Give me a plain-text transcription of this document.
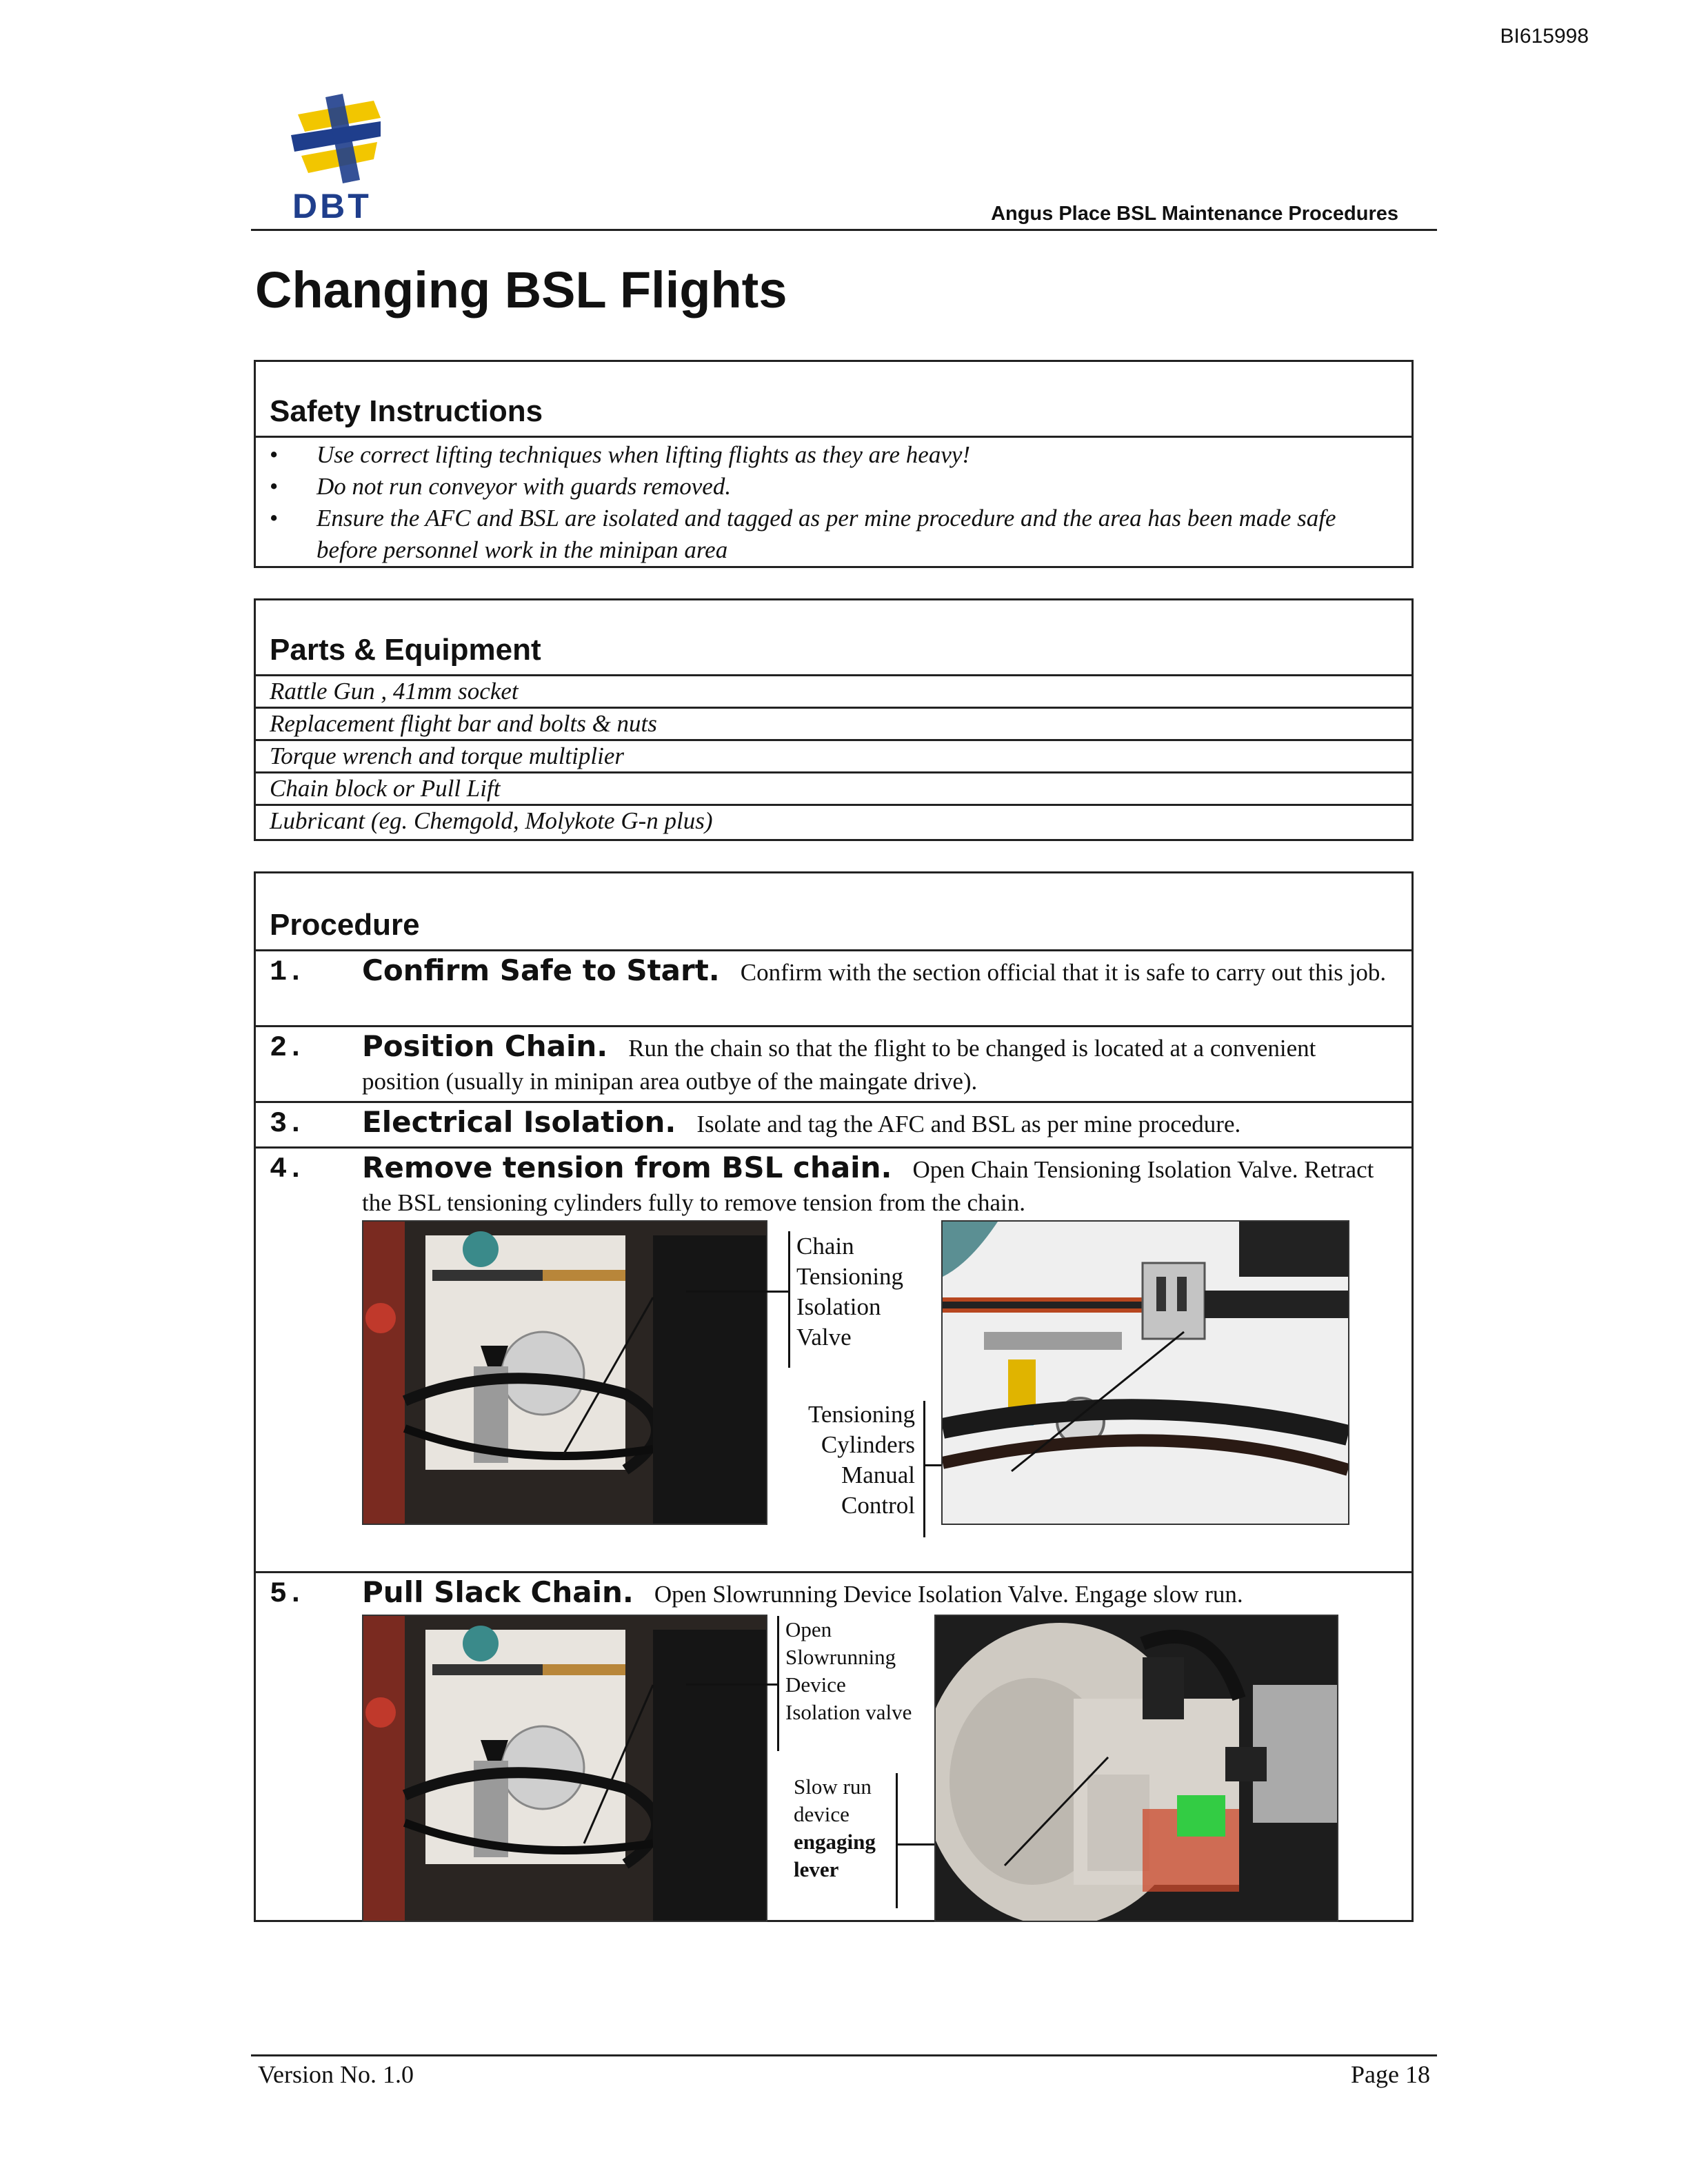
BI615998
DBT	Angus Place BSL Maintenance Procedures
Changing BSL Flights
Safety Instructions
• Use correct lifting techniques when lifting flights as they are heavy!
• Do not run conveyor with guards removed.
• Ensure the AFC and BSL are isolated and tagged as per mine procedure and the area has been made safe before personnel work in the minipan area
Parts & Equipment
Rattle Gun , 41mm socket
Replacement flight bar and bolts & nuts
Torque wrench and torque multiplier
Chain block or Pull Lift
Lubricant (eg. Chemgold, Molykote G-n plus)
Procedure
1. Confirm Safe to Start. Confirm with the section official that it is safe to carry out this job.
2. Position Chain. Run the chain so that the flight to be changed is located at a convenient position (usually in minipan area outbye of the maingate drive).
3. Electrical Isolation. Isolate and tag the AFC and BSL as per mine procedure.
4. Remove tension from BSL chain. Open Chain Tensioning Isolation Valve. Retract the BSL tensioning cylinders fully to remove tension from the chain.
Chain
Tensioning
Isolation
Valve
Tensioning
Cylinders
Manual
Control
5. Pull Slack Chain. Open Slowrunning Device Isolation Valve. Engage slow run.
Open
Slowrunning
Device
Isolation valve
Slow run
device
engaging
lever
Version No. 1.0	Page 18
